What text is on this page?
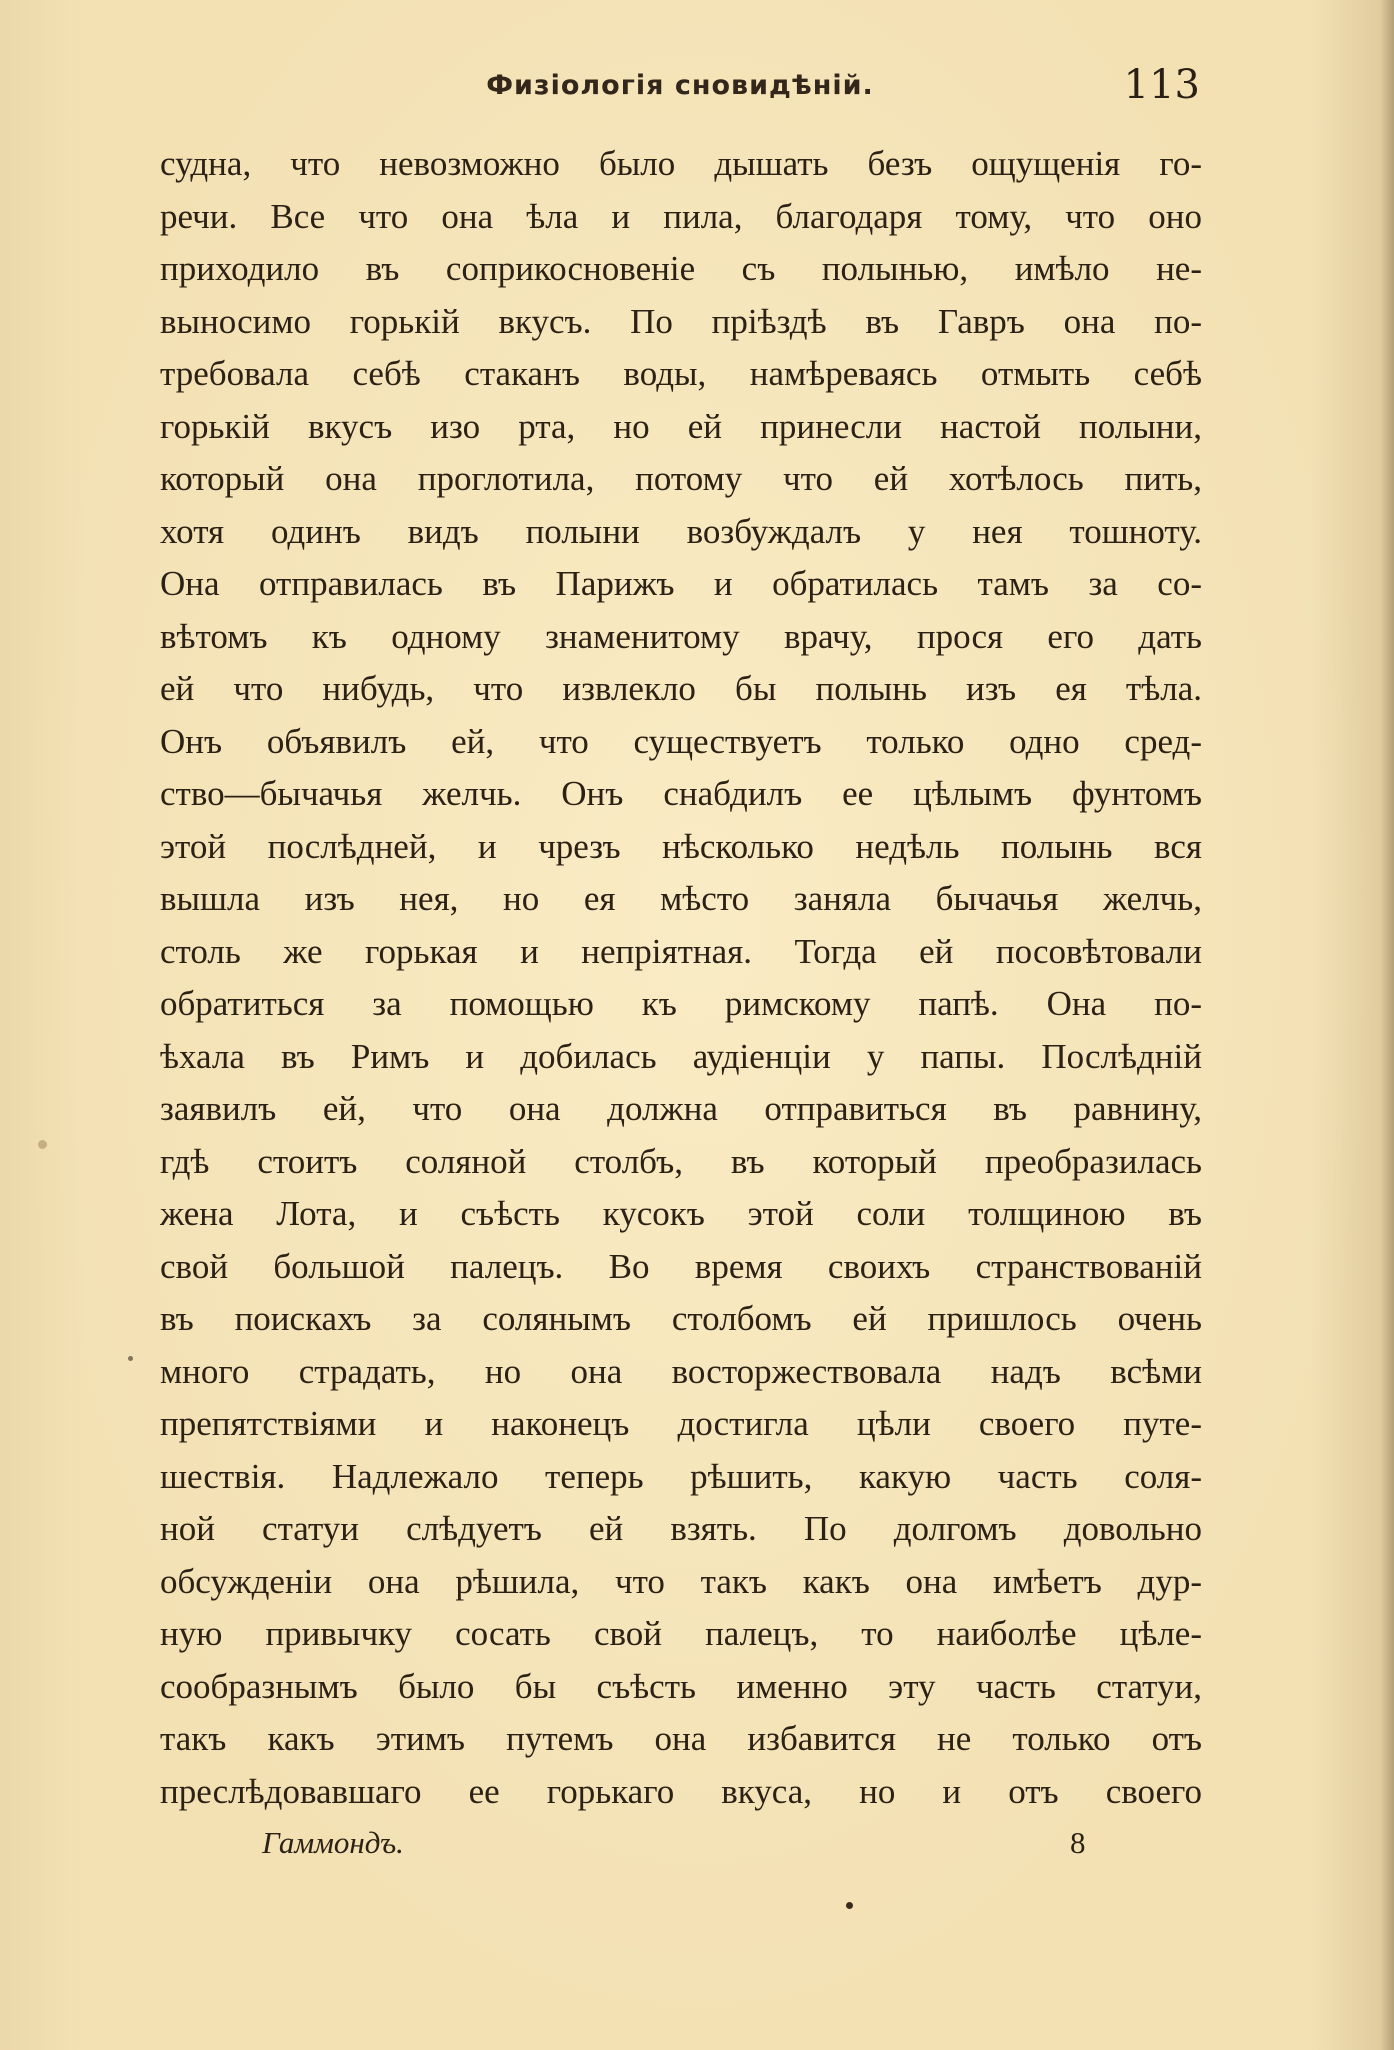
Физiологiя сновидѣнiй.	113
судна, что невозможно было дышать безъ ощущенiя го-
речи. Все что она ѣла и пила, благодаря тому, что оно
приходило въ соприкосновенiе съ полынью, имѣло не-
выносимо горькiй вкусъ. По прiѣздѣ въ Гавръ она по-
требовала себѣ стаканъ воды, намѣреваясь отмыть себѣ
горькiй вкусъ изо рта, но ей принесли настой полыни,
который она проглотила, потому что ей хотѣлось пить,
хотя одинъ видъ полыни возбуждалъ у нея тошноту.
Она отправилась въ Парижъ и обратилась тамъ за со-
вѣтомъ къ одному знаменитому врачу, прося его дать
ей что нибудь, что извлекло бы полынь изъ ея тѣла.
Онъ объявилъ ей, что существуетъ только одно сред-
ство—бычачья желчь. Онъ снабдилъ ее цѣлымъ фунтомъ
этой послѣдней, и чрезъ нѣсколько недѣль полынь вся
вышла изъ нея, но ея мѣсто заняла бычачья желчь,
столь же горькая и непрiятная. Тогда ей посовѣтовали
обратиться за помощью къ римскому папѣ. Она по-
ѣхала въ Римъ и добилась аудiенцiи у папы. Послѣднiй
заявилъ ей, что она должна отправиться въ равнину,
гдѣ стоитъ соляной столбъ, въ который преобразилась
жена Лота, и съѣсть кусокъ этой соли толщиною въ
свой большой палецъ. Во время своихъ странствованiй
въ поискахъ за солянымъ столбомъ ей пришлось очень
много страдать, но она восторжествовала надъ всѣми
препятствiями и наконецъ достигла цѣли своего путе-
шествiя. Надлежало теперь рѣшить, какую часть соля-
ной статуи слѣдуетъ ей взять. По долгомъ довольно
обсужденiи она рѣшила, что такъ какъ она имѣетъ дур-
ную привычку сосать свой палецъ, то наиболѣе цѣле-
сообразнымъ было бы съѣсть именно эту часть статуи,
такъ какъ этимъ путемъ она избавится не только отъ
преслѣдовавшаго ее горькаго вкуса, но и отъ своего
Гаммондъ.	8
